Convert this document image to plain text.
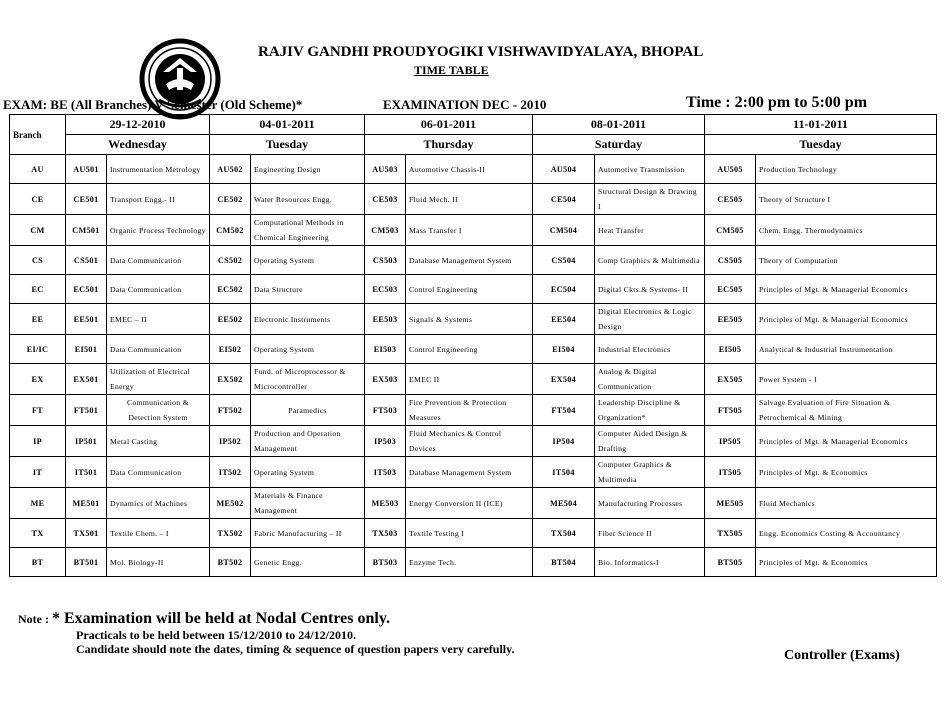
RAJIV GANDHI PROUDYOGIKI VISHWAVIDYALAYA, BHOPAL
TIME TABLE
EXAM: BE (All Branches) V Semester (Old Scheme)*	EXAMINATION DEC - 2010	Time : 2:00 pm to 5:00 pm
Branch	29-12-2010		04-01-2011		06-01-2011		08-01-2011		11-01-2011	
	Wednesday		Tuesday		Thursday		Saturday		Tuesday	
AU	AU501	Instrumentation Metrology	AU502	Engineering Design	AU503	Automotive Chassis-II	AU504	Automotive Transmission	AU505	Production Technology
CE	CE501	Transport Engg.- II	CE502	Water Resources Engg.	CE503	Fluid Mech. II	CE504	Structural Design & Drawing I	CE505	Theory of Structure I
CM	CM501	Organic Process Technology	CM502	Computational Methods in Chemical Engineering	CM503	Mass Transfer I	CM504	Heat Transfer	CM505	Chem. Engg. Thermodynamics
CS	CS501	Data Communication	CS502	Operating System	CS503	Database Management System	CS504	Comp Graphics & Multimedia	CS505	Theory of Computation
EC	EC501	Data Communication	EC502	Data Structure	EC503	Control Engineering	EC504	Digital Ckts.& Systems- II	EC505	Principles of Mgt. & Managerial Economics
EE	EE501	EMEC – II	EE502	Electronic Instruments	EE503	Signals & Systems	EE504	Digital Electronics & Logic Design	EE505	Principles of Mgt. & Managerial Economics
EI/IC	EI501	Data Communication	EI502	Operating System	EI503	Control Engineering	EI504	Industrial Electronics	EI505	Analytical & Industrial Instrumentation
EX	EX501	Utilization of Electrical Energy	EX502	Fund. of Microprocessor & Microcontroller	EX503	EMEC II	EX504	Analog & Digital Communication	EX505	Power System - I
FT	FT501	Communication & Detection System	FT502	Paramedics	FT503	Fire Prevention & Protection Measures	FT504	Leadership Discipline & Organization*	FT505	Salvage Evaluation of Fire Situation & Petrochemical & Mining
IP	IP501	Metal Casting	IP502	Production and Operation Management	IP503	Fluid Mechanics & Control Devices	IP504	Computer Aided Design & Drafting	IP505	Principles of Mgt. & Managerial Economics
IT	IT501	Data Communication	IT502	Operating System	IT503	Database Management System	IT504	Computer Graphics & Multimedia	IT505	Principles of Mgt. & Economics
ME	ME501	Dynamics of Machines	ME502	Materials & Finance Management	ME503	Energy Conversion II (ICE)	ME504	Manufacturing Processes	ME505	Fluid Mechanics
TX	TX501	Textile Chem. – I	TX502	Fabric Manufacturing – II	TX503	Textile Testing I	TX504	Fiber Science II	TX505	Engg. Economics Costing & Accountancy
BT	BT501	Mol. Biology-II	BT502	Genetic Engg.	BT503	Enzyme Tech.	BT504	Bio. Informatics-I	BT505	Principles of Mgt. & Economics
Note : * Examination will be held at Nodal Centres only.
Practicals to be held between 15/12/2010 to 24/12/2010.
Candidate should note the dates, timing & sequence of question papers very carefully.	Controller (Exams)
